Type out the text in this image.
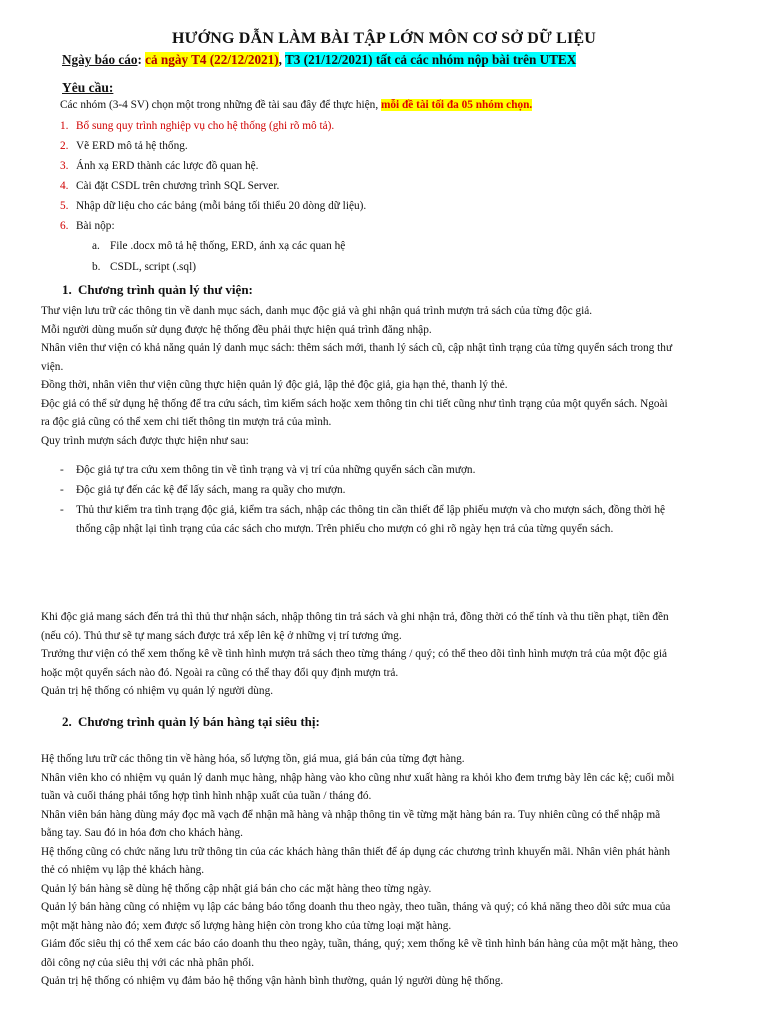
HƯỚNG DẪN LÀM BÀI TẬP LỚN MÔN CƠ SỞ DỮ LIỆU
Ngày báo cáo: cả ngày T4 (22/12/2021), T3 (21/12/2021) tất cả các nhóm nộp bài trên UTEX
Yêu cầu:
Các nhóm (3-4 SV) chọn một trong những đề tài sau đây để thực hiện, mỗi đề tài tối đa 05 nhóm chọn.
1. Bổ sung quy trình nghiệp vụ cho hệ thống (ghi rõ mô tả).
2. Vẽ ERD mô tả hệ thống.
3. Ánh xạ ERD thành các lược đồ quan hệ.
4. Cài đặt CSDL trên chương trình SQL Server.
5. Nhập dữ liệu cho các bảng (mỗi bảng tối thiểu 20 dòng dữ liệu).
6. Bài nộp:
a. File .docx mô tả hệ thống, ERD, ánh xạ các quan hệ
b. CSDL, script (.sql)
1. Chương trình quản lý thư viện:
Thư viện lưu trữ các thông tin về danh mục sách, danh mục độc giả và ghi nhận quá trình mượn trả sách của từng độc giả.
Mỗi người dùng muốn sử dụng được hệ thống đều phải thực hiện quá trình đăng nhập.
Nhân viên thư viện có khả năng quản lý danh mục sách: thêm sách mới, thanh lý sách cũ, cập nhật tình trạng của từng quyển sách trong thư
viện.
Đồng thời, nhân viên thư viện cũng thực hiện quản lý độc giả, lập thẻ độc giả, gia hạn thẻ, thanh lý thẻ.
Độc giả có thể sử dụng hệ thống để tra cứu sách, tìm kiếm sách hoặc xem thông tin chi tiết cũng như tình trạng của một quyển sách. Ngoài
ra độc giả cũng có thể xem chi tiết thông tin mượn trả của mình.
Quy trình mượn sách được thực hiện như sau:
- Độc giả tự tra cứu xem thông tin về tình trạng và vị trí của những quyển sách cần mượn.
- Độc giả tự đến các kệ để lấy sách, mang ra quầy cho mượn.
- Thủ thư kiểm tra tình trạng độc giả, kiểm tra sách, nhập các thông tin cần thiết để lập phiếu mượn và cho mượn sách, đồng thời hệ
thống cập nhật lại tình trạng của các sách cho mượn. Trên phiếu cho mượn có ghi rõ ngày hẹn trả của từng quyển sách.
Khi độc giả mang sách đến trả thì thủ thư nhận sách, nhập thông tin trả sách và ghi nhận trả, đồng thời có thể tính và thu tiền phạt, tiền đền
(nếu có). Thủ thư sẽ tự mang sách được trả xếp lên kệ ở những vị trí tương ứng.
Trưởng thư viện có thể xem thống kê về tình hình mượn trả sách theo từng tháng / quý; có thể theo dõi tình hình mượn trả của một độc giả
hoặc một quyển sách nào đó. Ngoài ra cũng có thể thay đổi quy định mượn trả.
Quản trị hệ thống có nhiệm vụ quản lý người dùng.
2. Chương trình quản lý bán hàng tại siêu thị:
Hệ thống lưu trữ các thông tin về hàng hóa, số lượng tồn, giá mua, giá bán của từng đợt hàng.
Nhân viên kho có nhiệm vụ quản lý danh mục hàng, nhập hàng vào kho cũng như xuất hàng ra khỏi kho đem trưng bày lên các kệ; cuối mỗi
tuần và cuối tháng phải tổng hợp tình hình nhập xuất của tuần / tháng đó.
Nhân viên bán hàng dùng máy đọc mã vạch để nhận mã hàng và nhập thông tin về từng mặt hàng bán ra. Tuy nhiên cũng có thể nhập mã
bằng tay. Sau đó in hóa đơn cho khách hàng.
Hệ thống cũng có chức năng lưu trữ thông tin của các khách hàng thân thiết để áp dụng các chương trình khuyến mãi. Nhân viên phát hành
thẻ có nhiệm vụ lập thẻ khách hàng.
Quản lý bán hàng sẽ dùng hệ thống cập nhật giá bán cho các mặt hàng theo từng ngày.
Quản lý bán hàng cũng có nhiệm vụ lập các bảng báo tổng doanh thu theo ngày, theo tuần, tháng và quý; có khả năng theo dõi sức mua của
một mặt hàng nào đó; xem được số lượng hàng hiện còn trong kho của từng loại mặt hàng.
Giám đốc siêu thị có thể xem các báo cáo doanh thu theo ngày, tuần, tháng, quý; xem thống kê về tình hình bán hàng của một mặt hàng, theo
dõi công nợ của siêu thị với các nhà phân phối.
Quản trị hệ thống có nhiệm vụ đảm bảo hệ thống vận hành bình thường, quản lý người dùng hệ thống.
